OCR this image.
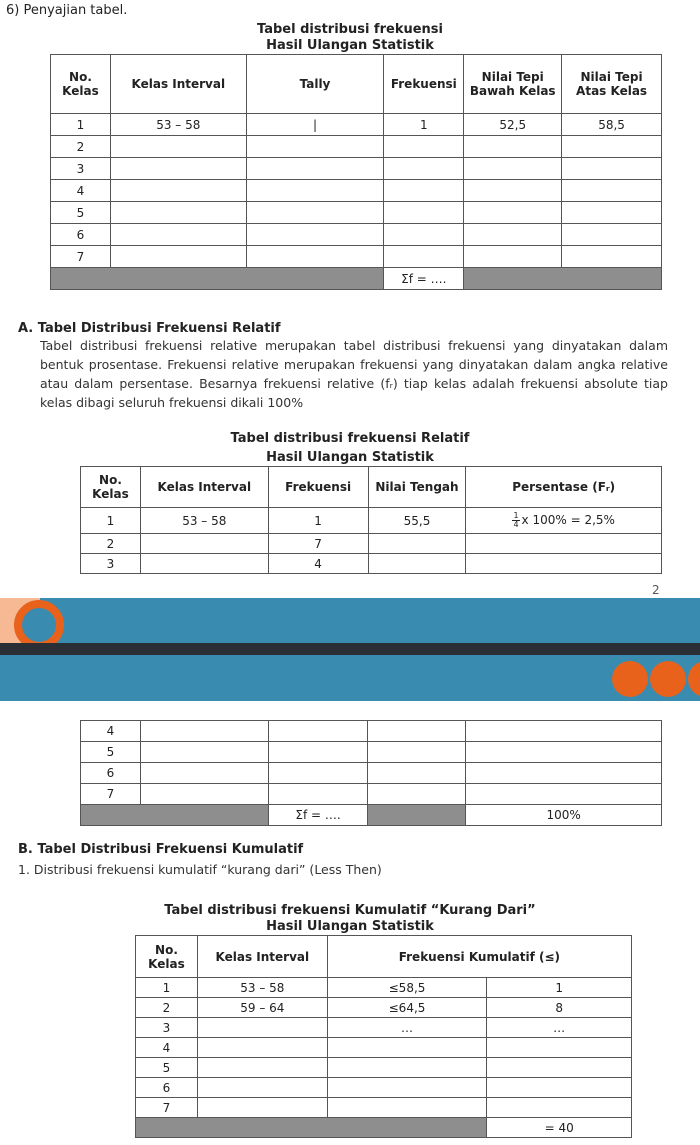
6) Penyajian tabel.
Tabel distribusi frekuensi
Hasil Ulangan Statistik
No. Kelas	Kelas Interval	Tally	Frekuensi	Nilai Tepi Bawah Kelas	Nilai Tepi Atas Kelas
1	53 – 58	|	1	52,5	58,5
2					
3					
4					
5					
6					
7					
			Σf = ….		
A. Tabel Distribusi Frekuensi Relatif
Tabel distribusi frekuensi relative merupakan tabel distribusi frekuensi yang dinyatakan dalam bentuk prosentase. Frekuensi relative merupakan frekuensi yang dinyatakan dalam angka relative atau dalam persentase. Besarnya frekuensi relative (fᵣ) tiap kelas adalah frekuensi absolute tiap kelas dibagi seluruh frekuensi dikali 100%
Tabel distribusi frekuensi Relatif
Hasil Ulangan Statistik
No. Kelas	Kelas Interval	Frekuensi	Nilai Tengah	Persentase (Fᵣ)
1	53 – 58	1	55,5	$\frac{1}{4}$ x 100% = 2,5%
2		7		
3		4		
2
4				
5				
6				
7				
		Σf = ….		100%
B. Tabel Distribusi Frekuensi Kumulatif
1. Distribusi frekuensi kumulatif “kurang dari” (Less Then)
Tabel distribusi frekuensi Kumulatif “Kurang Dari”
Hasil Ulangan Statistik
No. Kelas	Kelas Interval	Frekuensi Kumulatif (≤)	
1	53 – 58	≤58,5	1
2	59 – 64	≤64,5	8
3		…	…
4			
5			
6			
7			
			= 40
